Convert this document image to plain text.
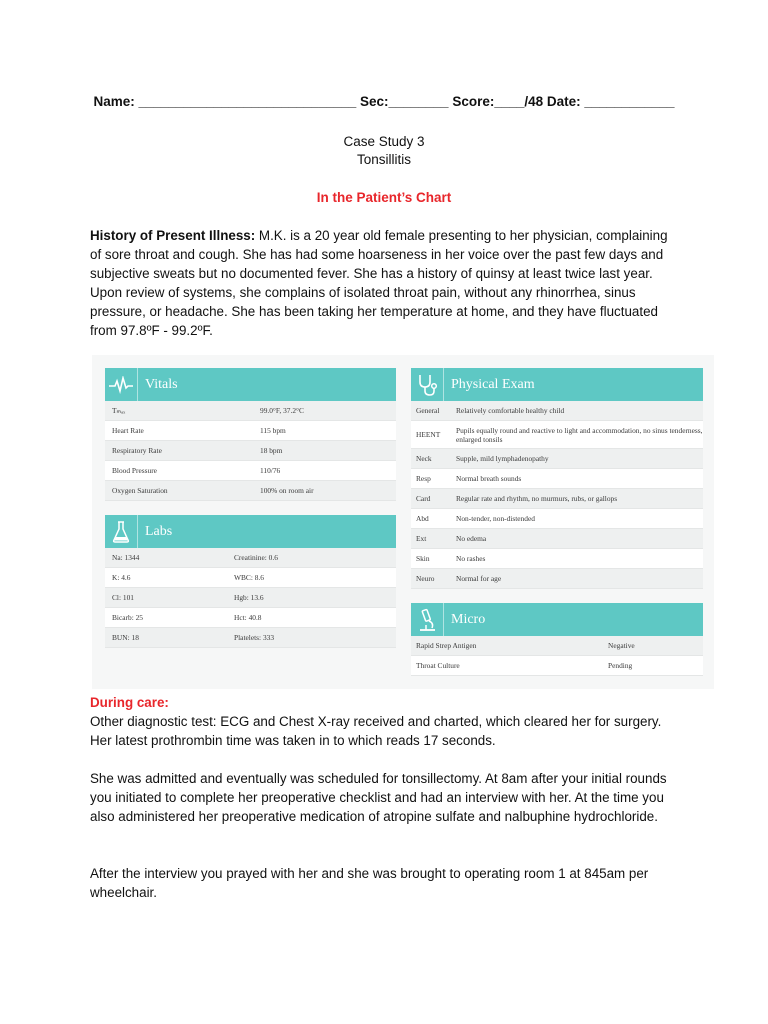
Name: _____________________________ Sec:________ Score:____/48 Date: ____________
Case Study 3
Tonsillitis
In the Patient’s Chart

History of Present Illness: M.K. is a 20 year old female presenting to her physician, complaining of sore throat and cough. She has had some hoarseness in her voice over the past few days and subjective sweats but no documented fever. She has a history of quinsy at least twice last year. Upon review of systems, she complains of isolated throat pain, without any rhinorrhea, sinus pressure, or headache. She has been taking her temperature at home, and they have fluctuated from 97.8ºF - 99.2ºF.

Vitals
Tₘₐₓ	99.0°F, 37.2°C
Heart Rate	115 bpm
Respiratory Rate	18 bpm
Blood Pressure	110/76
Oxygen Saturation	100% on room air
Labs
Na: 1344	Creatinine: 0.6
K: 4.6	WBC: 8.6
Cl: 101	Hgb: 13.6
Bicarb: 25	Hct: 40.8
BUN: 18	Platelets: 333
Physical Exam
General	Relatively comfortable healthy child
HEENT	Pupils equally round and reactive to light and accommodation, no sinus tenderness, enlarged tonsils
Neck	Supple, mild lymphadenopathy
Resp	Normal breath sounds
Card	Regular rate and rhythm, no murmurs, rubs, or gallops
Abd	Non-tender, non-distended
Ext	No edema
Skin	No rashes
Neuro	Normal for age
Micro
Rapid Strep Antigen	Negative
Throat Culture	Pending
During care:

Other diagnostic test: ECG and Chest X-ray received and charted, which cleared her for surgery. Her latest prothrombin time was taken in to which reads 17 seconds.

She was admitted and eventually was scheduled for tonsillectomy. At 8am after your initial rounds you initiated to complete her preoperative checklist and had an interview with her. At the time you also administered her preoperative medication of atropine sulfate and nalbuphine hydrochloride.

After the interview you prayed with her and she was brought to operating room 1 at 845am per wheelchair.
